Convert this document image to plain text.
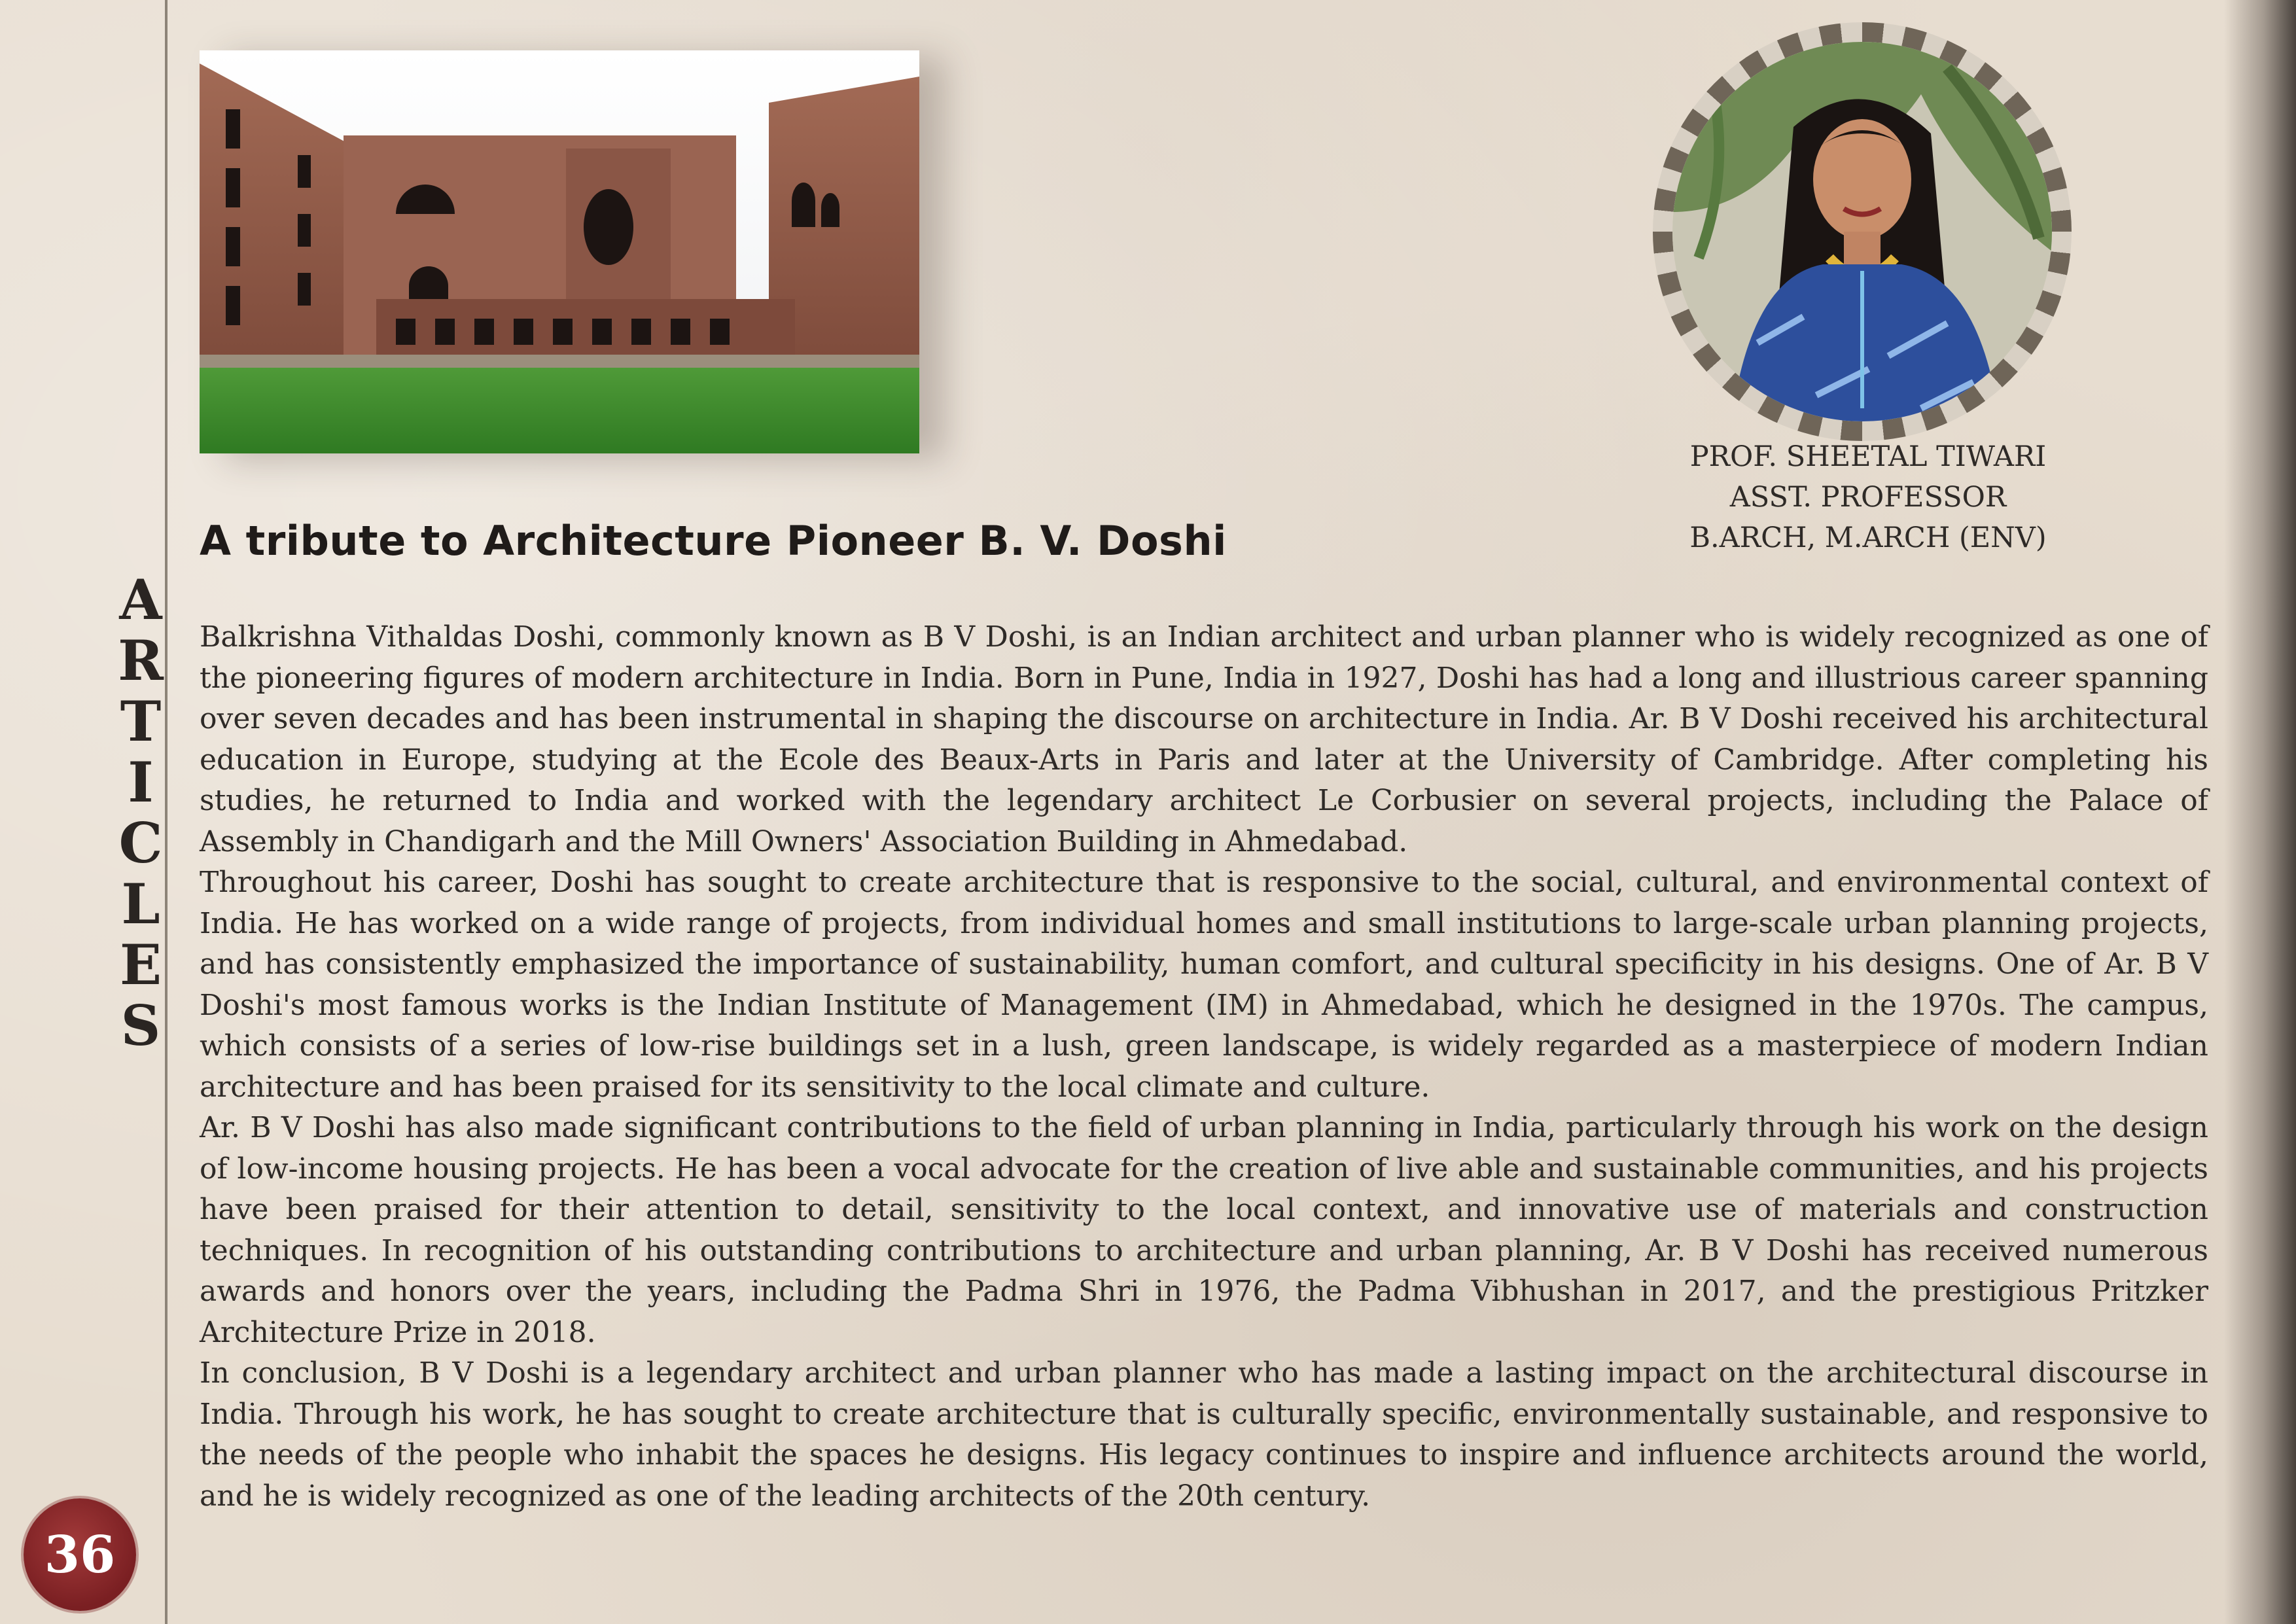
A
R
T
I
C
L
E
S
36
PROF. SHEETAL TIWARI
ASST. PROFESSOR
B.ARCH, M.ARCH (ENV)
A tribute to Architecture Pioneer B. V. Doshi

Balkrishna Vithaldas Doshi, commonly known as B V Doshi, is an Indian architect and urban planner who is widely recognized as one of the pioneering figures of modern architecture in India. Born in Pune, India in 1927, Doshi has had a long and illustrious career spanning over seven decades and has been instrumental in shaping the discourse on architecture in India. Ar. B V Doshi received his architectural education in Europe, studying at the Ecole des Beaux-Arts in Paris and later at the University of Cambridge. After completing his studies, he returned to India and worked with the legendary architect Le Corbusier on several projects, including the Palace of Assembly in Chandigarh and the Mill Owners' Association Building in Ahmedabad.

Throughout his career, Doshi has sought to create architecture that is responsive to the social, cultural, and environmental context of India. He has worked on a wide range of projects, from individual homes and small institutions to large-scale urban planning projects, and has consistently emphasized the importance of sustainability, human comfort, and cultural specificity in his designs. One of Ar. B V Doshi's most famous works is the Indian Institute of Management (IM) in Ahmedabad, which he designed in the 1970s. The campus, which consists of a series of low-rise buildings set in a lush, green landscape, is widely regarded as a masterpiece of modern Indian architecture and has been praised for its sensitivity to the local climate and culture.

Ar. B V Doshi has also made significant contributions to the field of urban planning in India, particularly through his work on the design of low-income housing projects. He has been a vocal advocate for the creation of live able and sustainable communities, and his projects have been praised for their attention to detail, sensitivity to the local context, and innovative use of materials and construction techniques. In recognition of his outstanding contributions to architecture and urban planning, Ar. B V Doshi has received numerous awards and honors over the years, including the Padma Shri in 1976, the Padma Vibhushan in 2017, and the prestigious Pritzker Architecture Prize in 2018.

In conclusion, B V Doshi is a legendary architect and urban planner who has made a lasting impact on the architectural discourse in India. Through his work, he has sought to create architecture that is culturally specific, environmentally sustainable, and responsive to the needs of the people who inhabit the spaces he designs. His legacy continues to inspire and influence architects around the world, and he is widely recognized as one of the leading architects of the 20th century.
